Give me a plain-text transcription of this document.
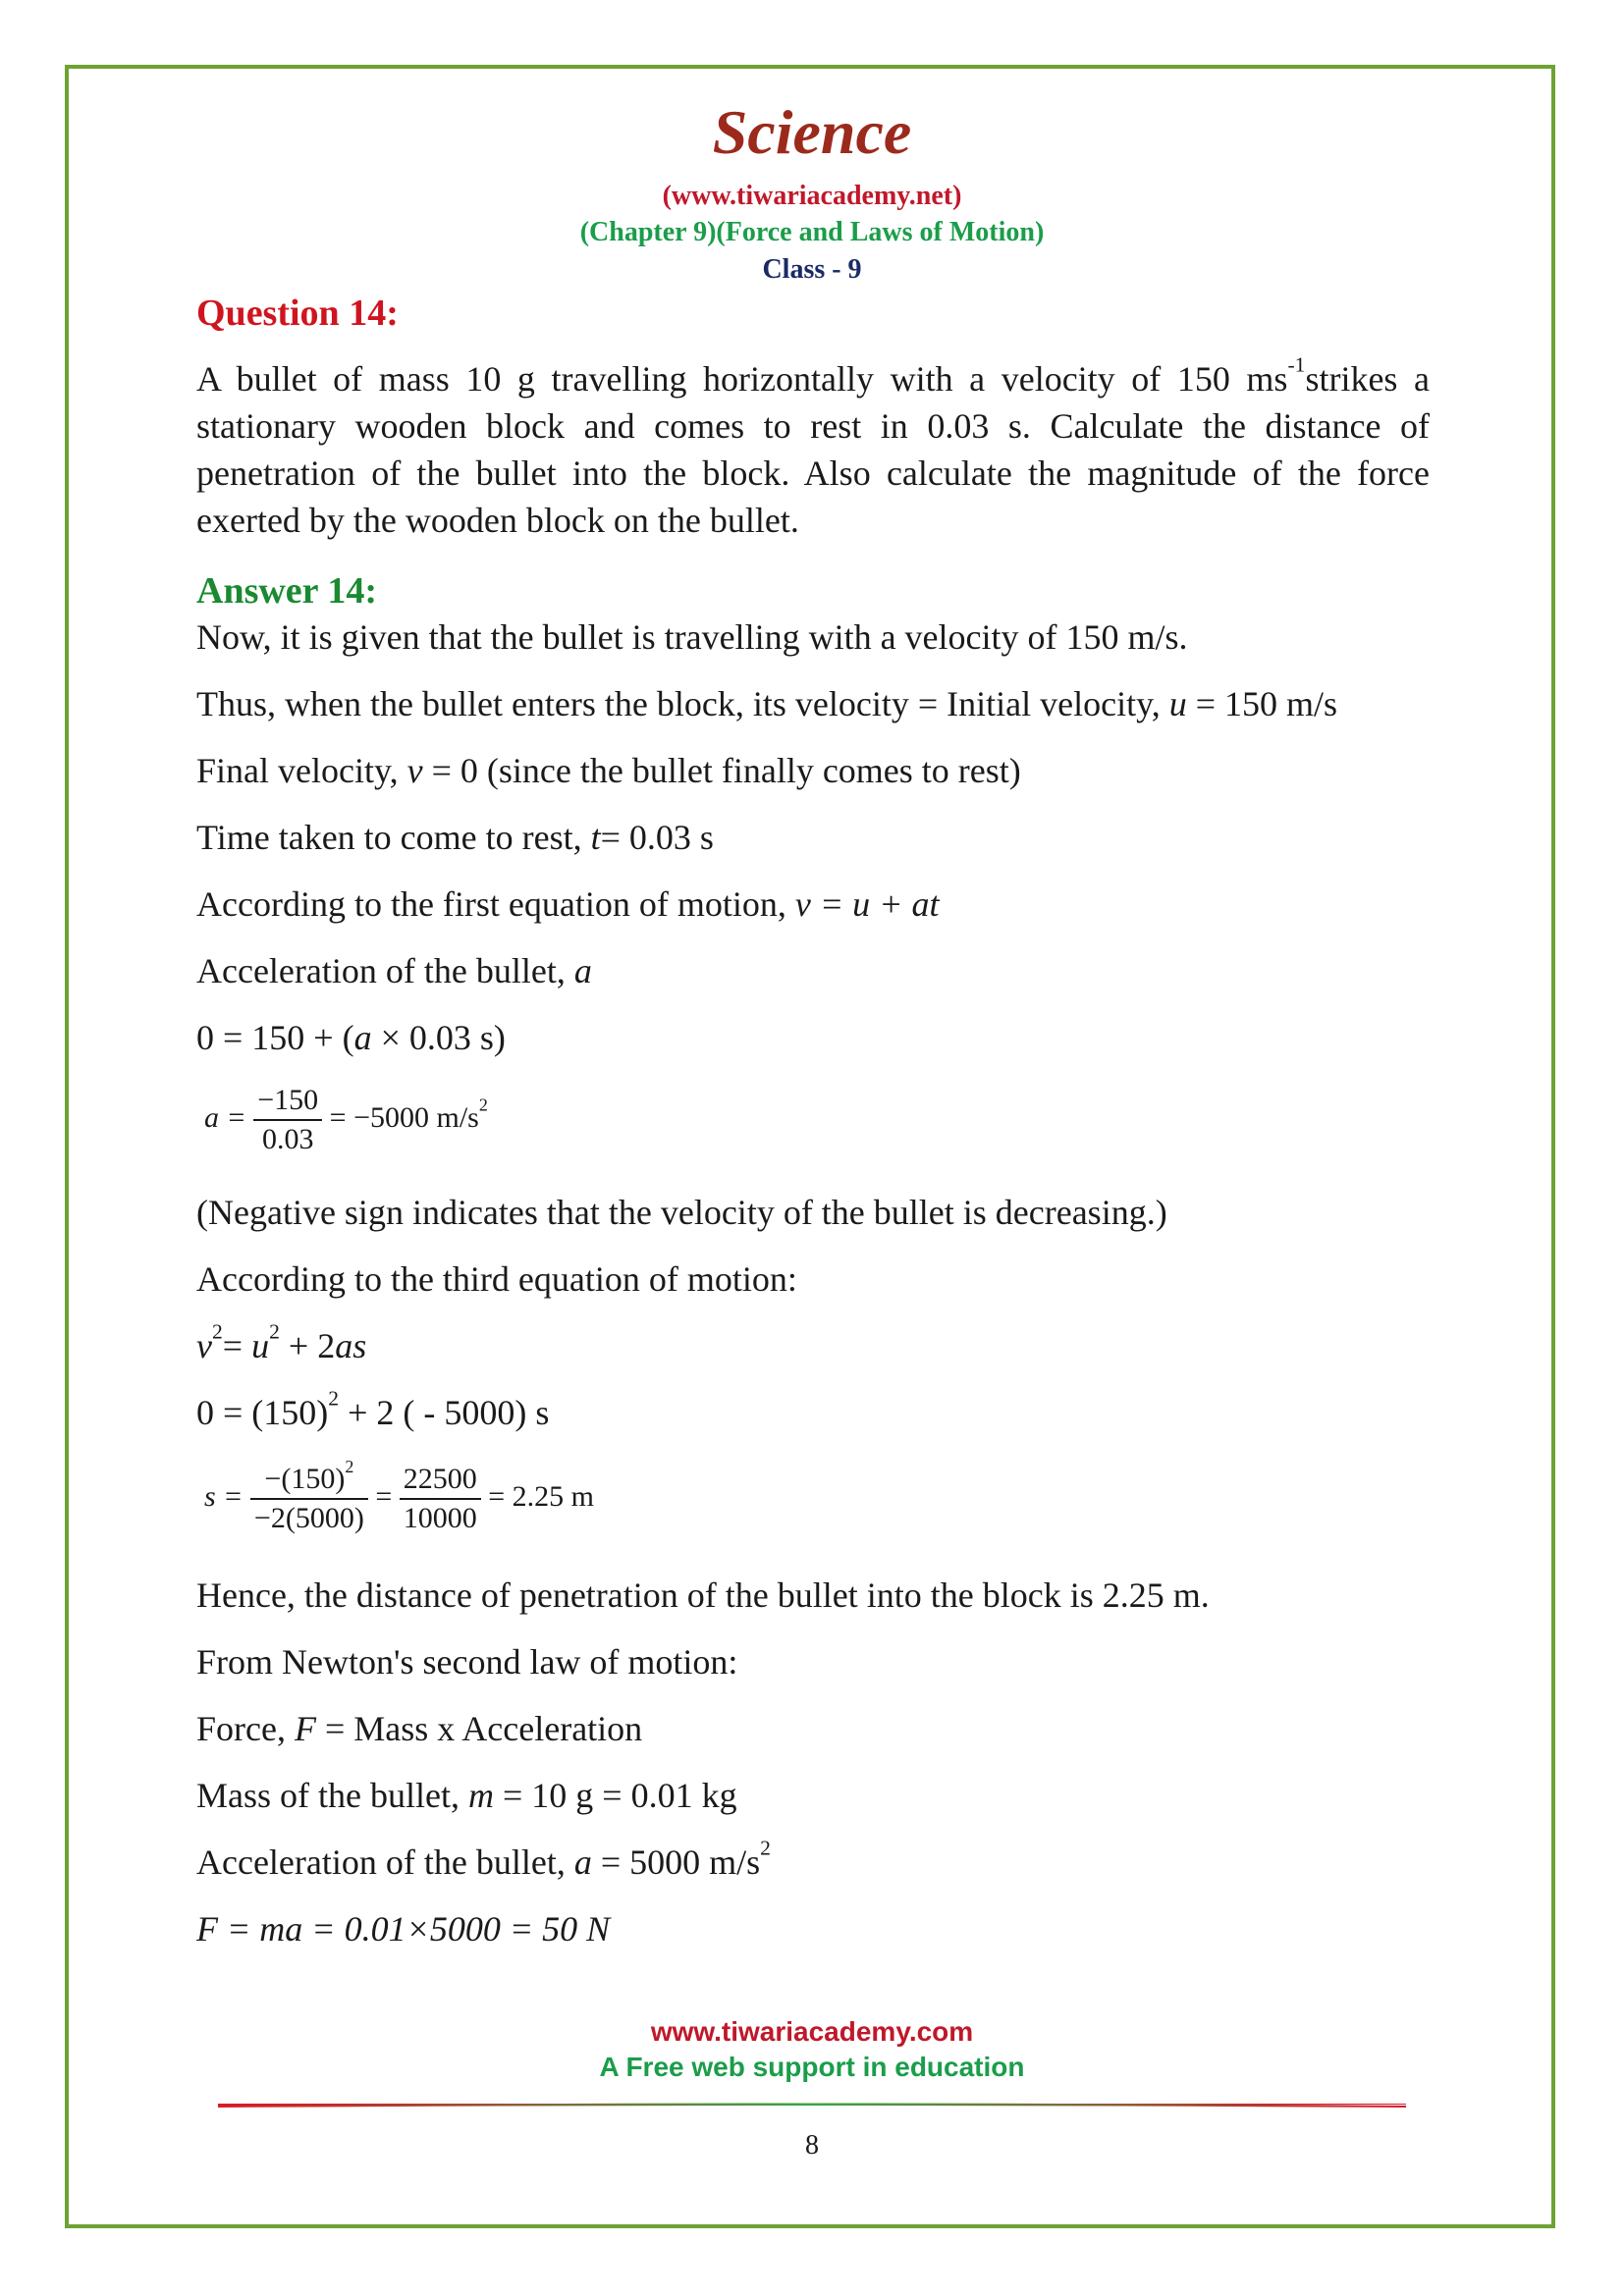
Science
(www.tiwariacademy.net)
(Chapter 9)(Force and Laws of Motion)
Class - 9
Question 14:
A bullet of mass 10 g travelling horizontally with a velocity of 150 $ms^{-1}strikes$ a stationary wooden block and comes to rest in 0.03 s. Calculate the distance of penetration of the bullet into the block. Also calculate the magnitude of the force exerted by the wooden block on the bullet.
Answer 14:
Now, it is given that the bullet is travelling with a velocity of 150 m/s.
Thus, when the bullet enters the block, its velocity = Initial velocity, u = 150 m/s
Final velocity, v = 0 (since the bullet finally comes to rest)
Time taken to come to rest, t= 0.03 s
According to the first equation of motion, v = u + at
Acceleration of the bullet, a
0 = 150 + (a × 0.03 s)
$a = \frac{-150}{0.03} = -5000$ $m/s^2$
(Negative sign indicates that the velocity of the bullet is decreasing.)
According to the third equation of motion:
$v^2= u^2 + 2as$
$0 = (150)^2 + 2$ ( - 5000) s
$s = \frac{-(150)^2}{-2(5000)} = \frac{22500}{10000} = 2.25$ m
Hence, the distance of penetration of the bullet into the block is 2.25 m.
From Newton's second law of motion:
Force, F = Mass x Acceleration
Mass of the bullet, m = 10 g = 0.01 kg
Acceleration of the bullet, a = 5000 $m/s^2$
F = ma = 0.01×5000 = 50 N
www.tiwariacademy.com
A Free web support in education
8
